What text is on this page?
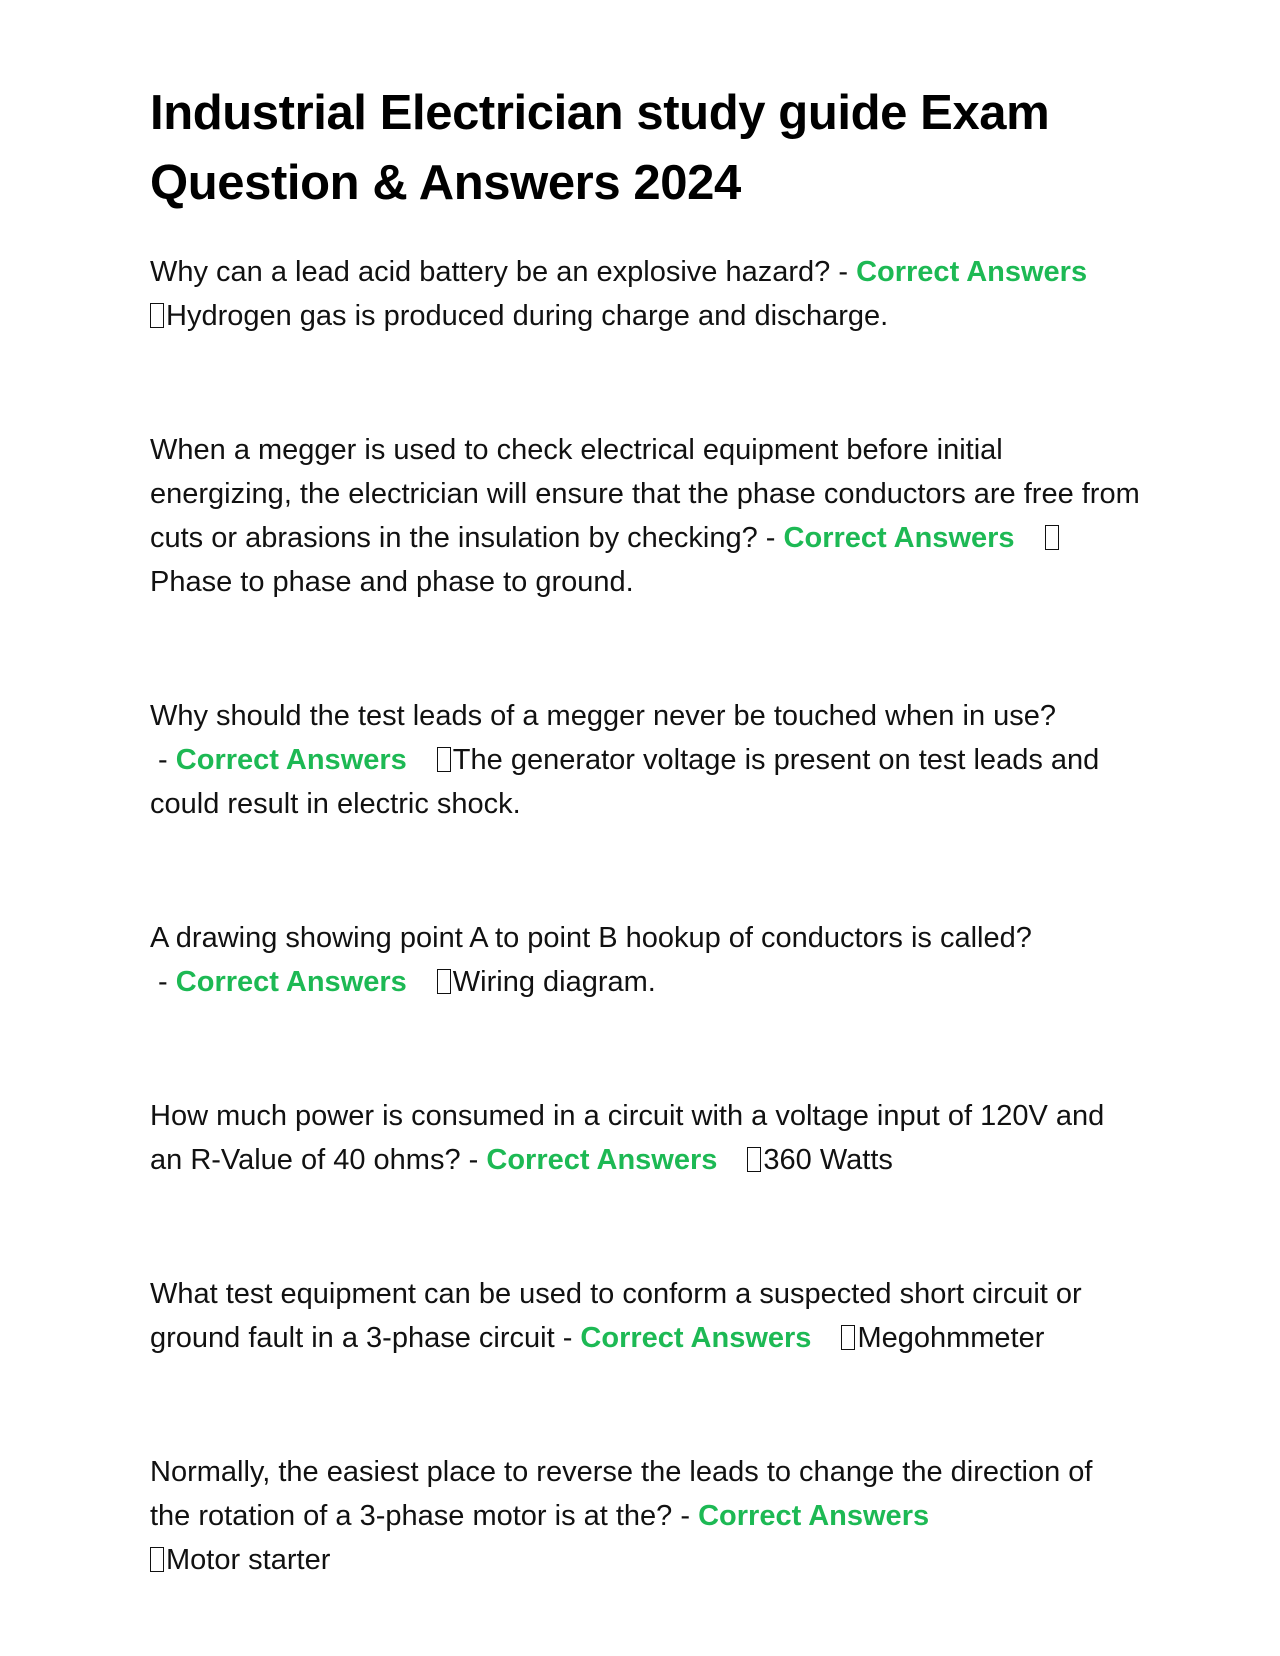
Industrial Electrician study guide Exam Question & Answers 2024

Why can a lead acid battery be an explosive hazard? - Correct Answers
Hydrogen gas is produced during charge and discharge.

When a megger is used to check electrical equipment before initial energizing, the electrician will ensure that the phase conductors are free from cuts or abrasions in the insulation by checking? - Correct AnswersPhase to phase and phase to ground.

Why should the test leads of a megger never be touched when in use? - Correct Answers The generator voltage is present on test leads and could result in electric shock.

A drawing showing point A to point B hookup of conductors is called? - Correct Answers Wiring diagram.

How much power is consumed in a circuit with a voltage input of 120V and an R-Value of 40 ohms? - Correct Answers 360 Watts

What test equipment can be used to conform a suspected short circuit or ground fault in a 3-phase circuit - Correct Answers Megohmmeter

Normally, the easiest place to reverse the leads to change the direction of the rotation of a 3-phase motor is at the? - Correct Answers
Motor starter
